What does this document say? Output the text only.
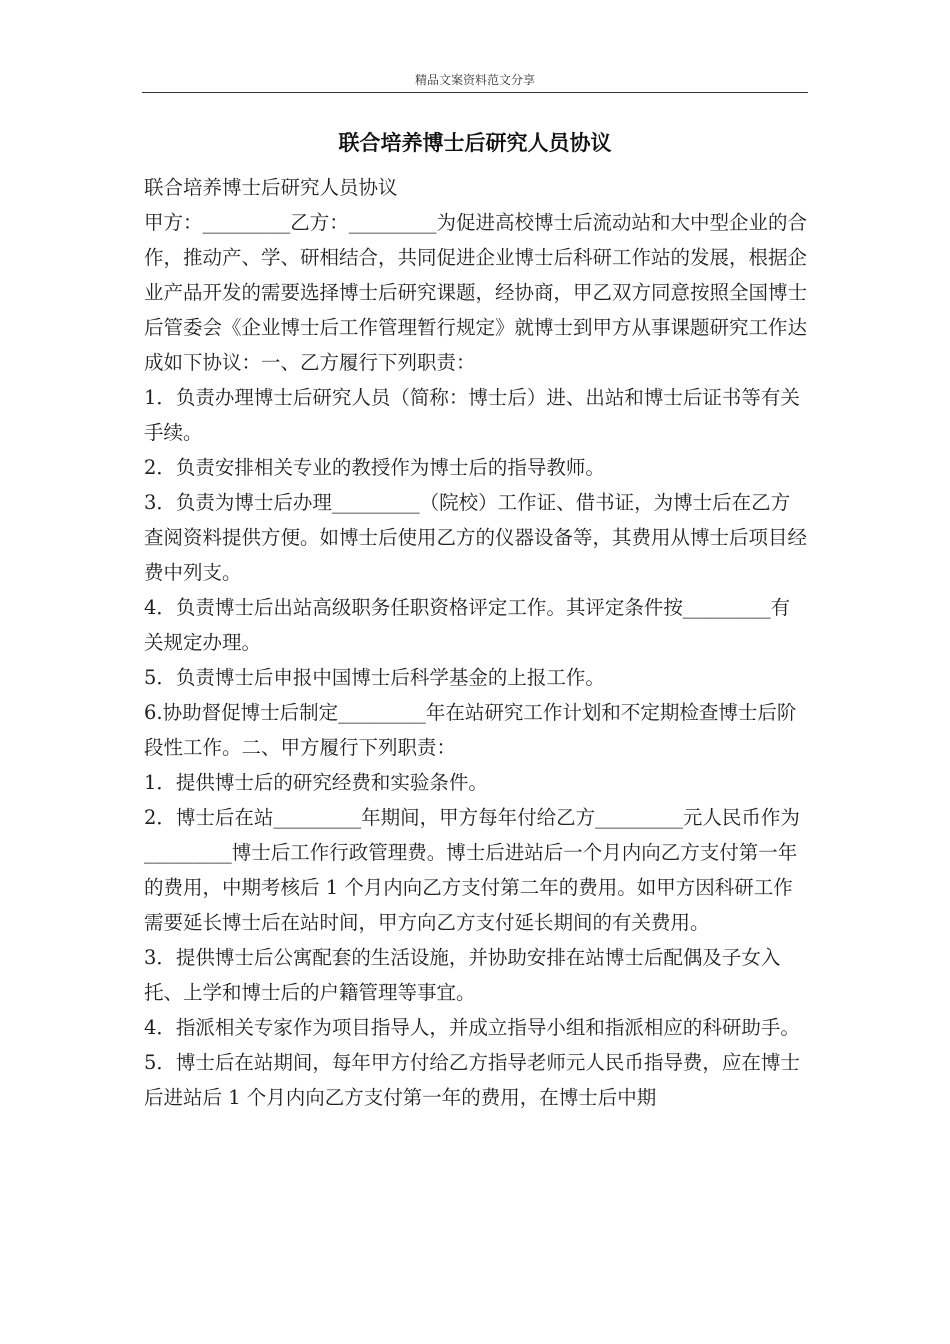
精品文案资料范文分享
联合培养博士后研究人员协议

联合培养博士后研究人员协议

甲方：_________乙方：_________为促进高校博士后流动站和大中型企业的合作，推动产、学、研相结合，共同促进企业博士后科研工作站的发展，根据企业产品开发的需要选择博士后研究课题，经协商，甲乙双方同意按照全国博士后管委会《企业博士后工作管理暂行规定》就博士到甲方从事课题研究工作达成如下协议：一、乙方履行下列职责：

1．负责办理博士后研究人员（简称：博士后）进、出站和博士后证书等有关手续。

2．负责安排相关专业的教授作为博士后的指导教师。

3．负责为博士后办理_________（院校）工作证、借书证，为博士后在乙方查阅资料提供方便。如博士后使用乙方的仪器设备等，其费用从博士后项目经费中列支。

4．负责博士后出站高级职务任职资格评定工作。其评定条件按_________有关规定办理。

5．负责博士后申报中国博士后科学基金的上报工作。

6.协助督促博士后制定_________年在站研究工作计划和不定期检查博士后阶段性工作。二、甲方履行下列职责：

1．提供博士后的研究经费和实验条件。

2．博士后在站_________年期间，甲方每年付给乙方_________元人民币作为_________博士后工作行政管理费。博士后进站后一个月内向乙方支付第一年的费用，中期考核后 1 个月内向乙方支付第二年的费用。如甲方因科研工作需要延长博士后在站时间，甲方向乙方支付延长期间的有关费用。

3．提供博士后公寓配套的生活设施，并协助安排在站博士后配偶及子女入托、上学和博士后的户籍管理等事宜。

4．指派相关专家作为项目指导人，并成立指导小组和指派相应的科研助手。

5．博士后在站期间，每年甲方付给乙方指导老师元人民币指导费，应在博士后进站后 1 个月内向乙方支付第一年的费用，在博士后中期
